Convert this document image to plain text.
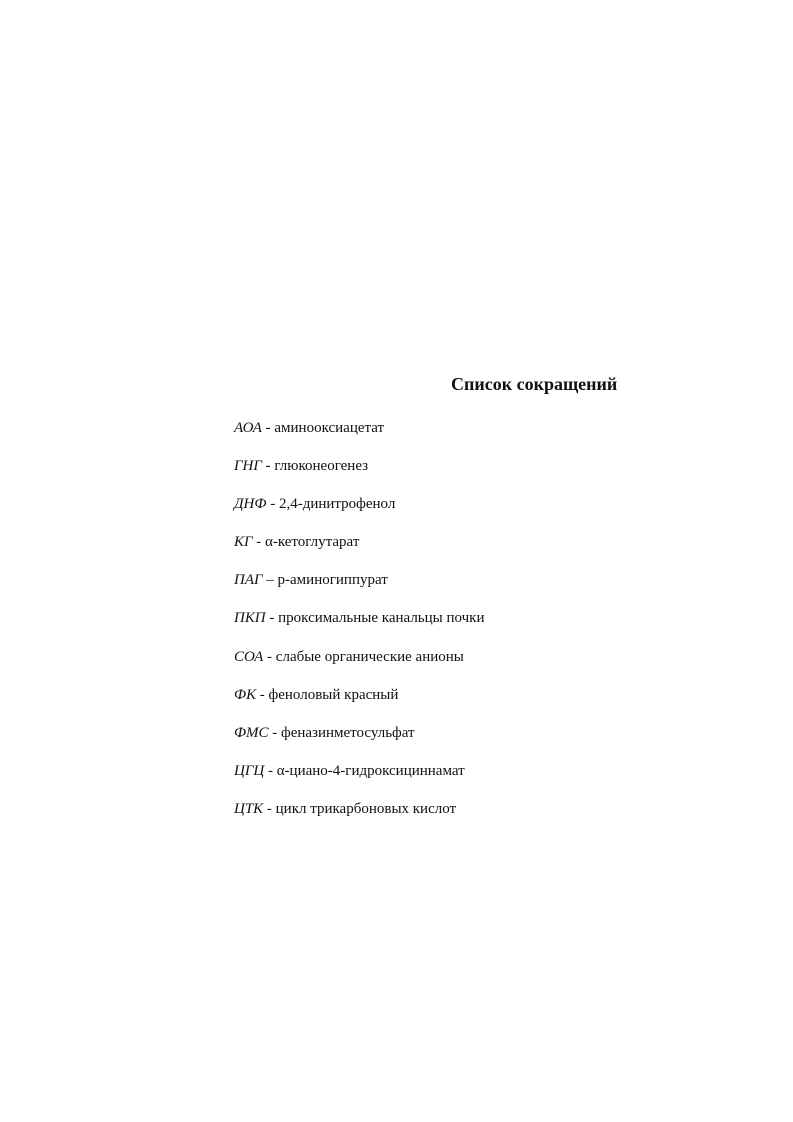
Список сокращений
АОА - аминооксиацетат
ГНГ - глюконеогенез
ДНФ - 2,4-динитрофенол
КГ - α-кетоглутарат
ПАГ – р-аминогиппурат
ПКП - проксимальные канальцы почки
СОА - слабые органические анионы
ФК - феноловый красный
ФМС - феназинметосульфат
ЦГЦ - α-циано-4-гидроксициннамат
ЦТК - цикл трикарбоновых кислот
